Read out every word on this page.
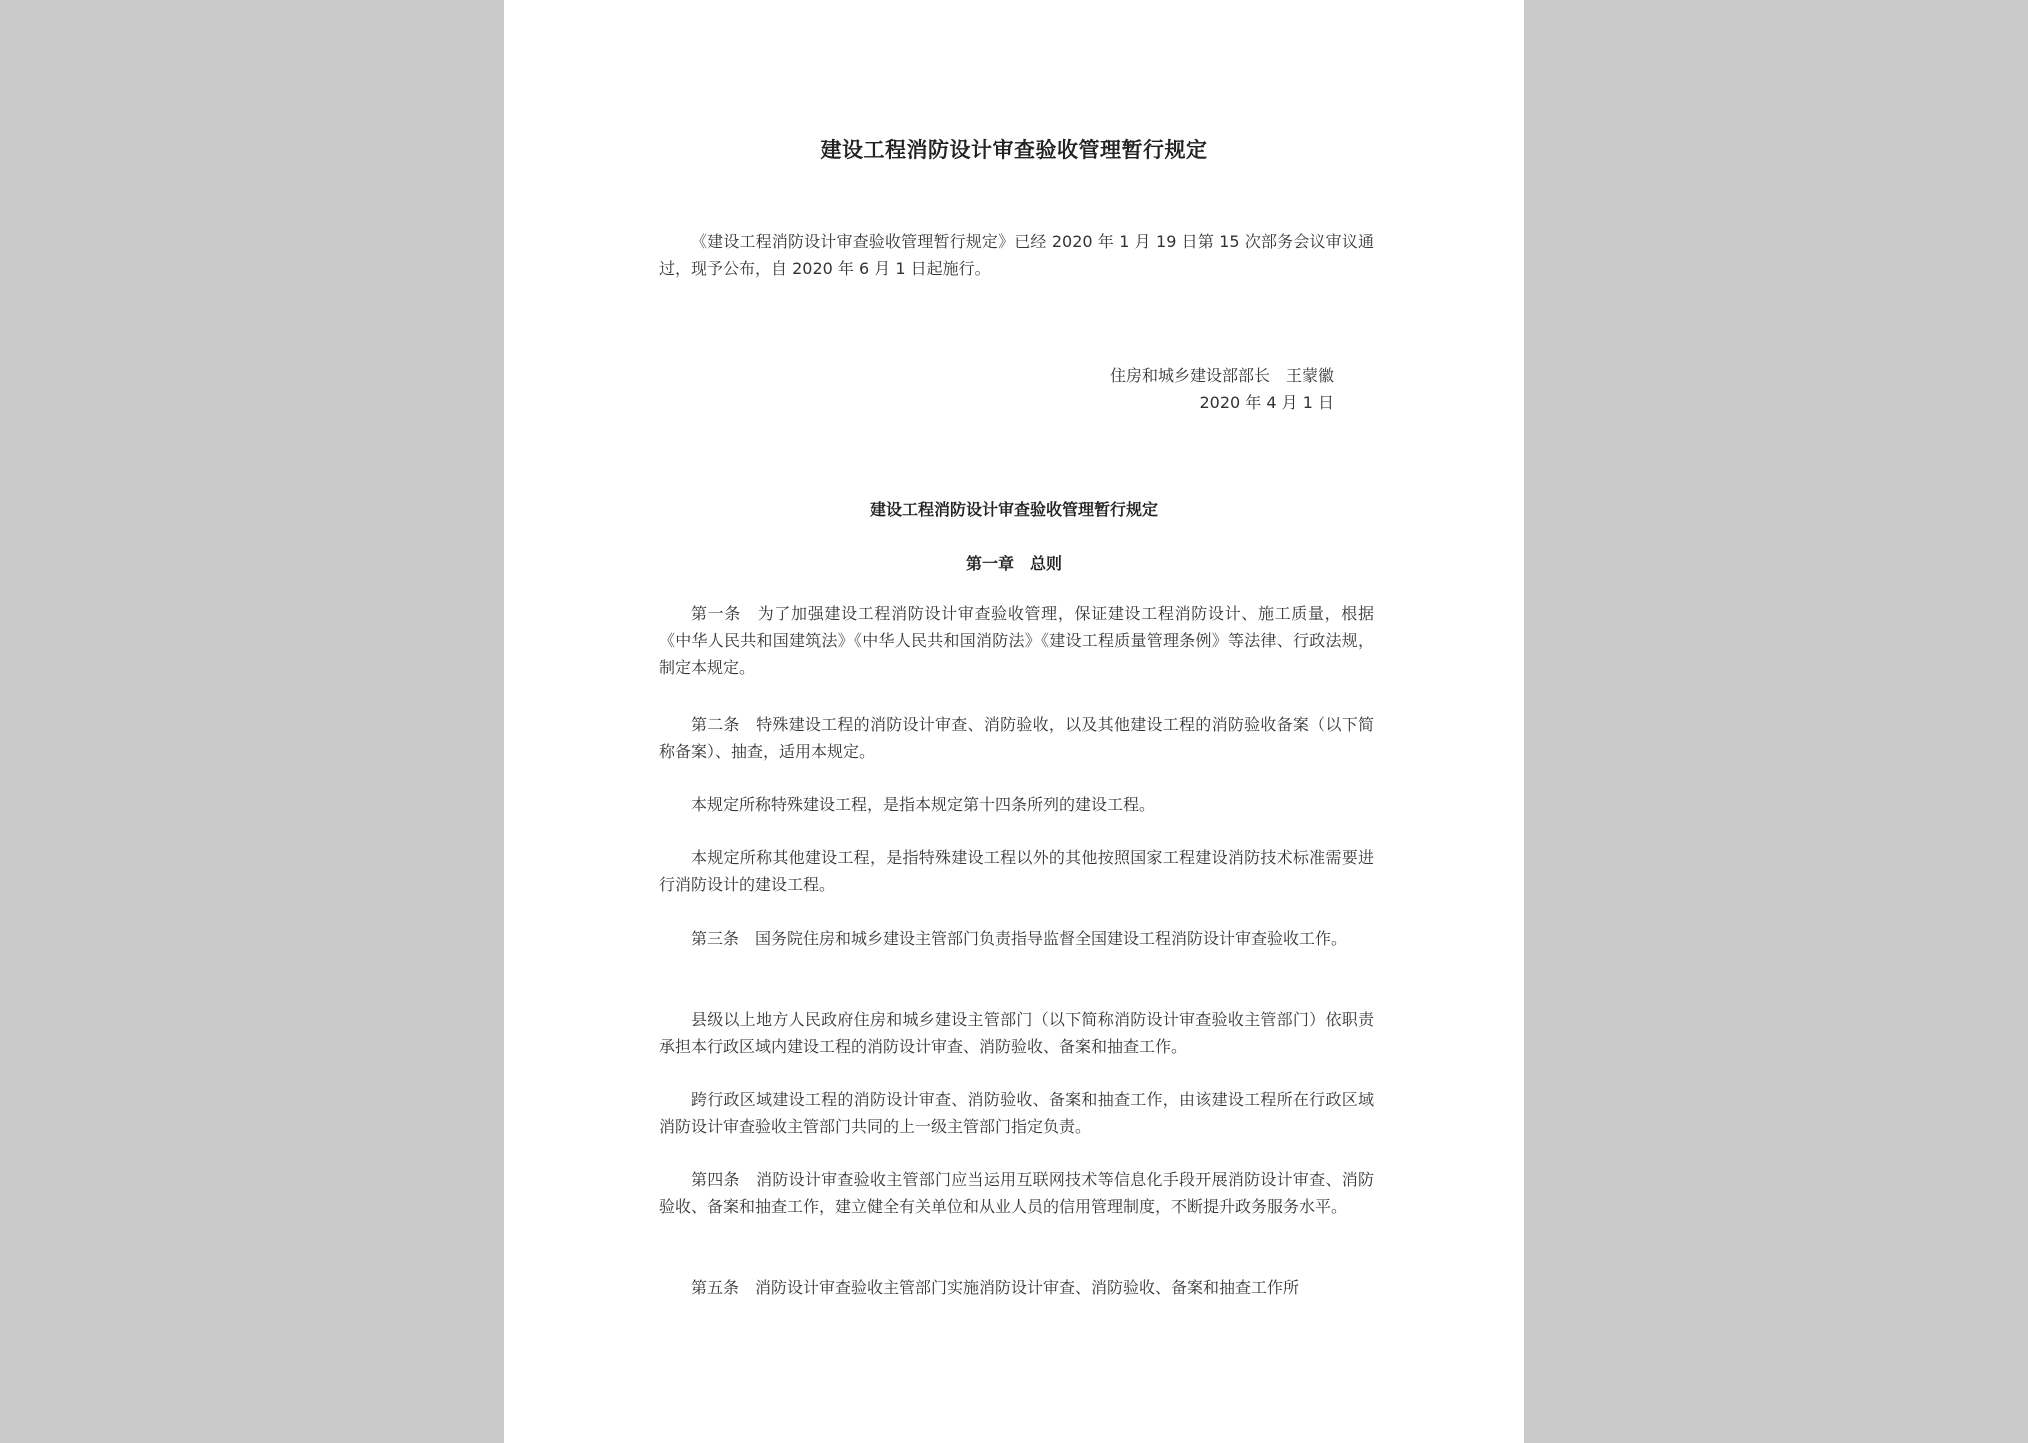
建设工程消防设计审查验收管理暂行规定

《建设工程消防设计审查验收管理暂行规定》已经 2020 年 1 月 19 日第 15 次部务会议审议通过，现予公布，自 2020 年 6 月 1 日起施行。

住房和城乡建设部部长　王蒙徽
2020 年 4 月 1 日
建设工程消防设计审查验收管理暂行规定
第一章　总则

第一条　为了加强建设工程消防设计审查验收管理，保证建设工程消防设计、施工质量，根据《中华人民共和国建筑法》《中华人民共和国消防法》《建设工程质量管理条例》等法律、行政法规，制定本规定。

第二条　特殊建设工程的消防设计审查、消防验收，以及其他建设工程的消防验收备案（以下简称备案）、抽查，适用本规定。

本规定所称特殊建设工程，是指本规定第十四条所列的建设工程。

本规定所称其他建设工程，是指特殊建设工程以外的其他按照国家工程建设消防技术标准需要进行消防设计的建设工程。

第三条　国务院住房和城乡建设主管部门负责指导监督全国建设工程消防设计审查验收工作。

县级以上地方人民政府住房和城乡建设主管部门（以下简称消防设计审查验收主管部门）依职责承担本行政区域内建设工程的消防设计审查、消防验收、备案和抽查工作。

跨行政区域建设工程的消防设计审查、消防验收、备案和抽查工作，由该建设工程所在行政区域消防设计审查验收主管部门共同的上一级主管部门指定负责。

第四条　消防设计审查验收主管部门应当运用互联网技术等信息化手段开展消防设计审查、消防验收、备案和抽查工作，建立健全有关单位和从业人员的信用管理制度，不断提升政务服务水平。

第五条　消防设计审查验收主管部门实施消防设计审查、消防验收、备案和抽查工作所
